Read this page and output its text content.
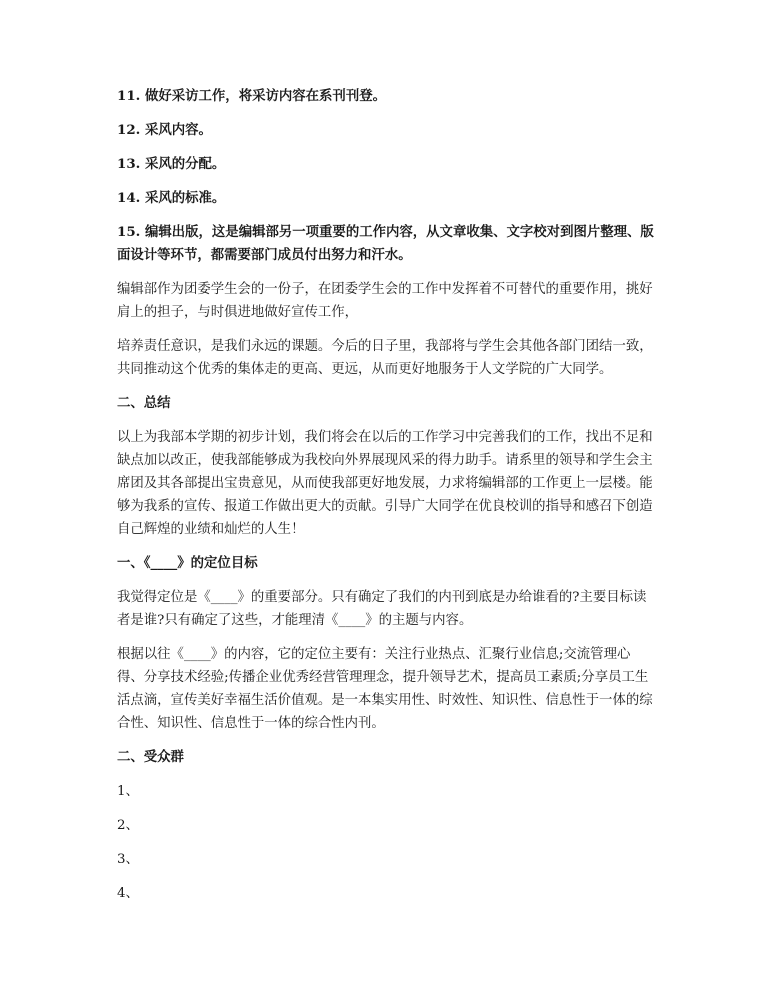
11. 做好采访工作，将采访内容在系刊刊登。

12. 采风内容。

13. 采风的分配。

14. 采风的标准。

15. 编辑出版，这是编辑部另一项重要的工作内容，从文章收集、文字校对到图片整理、版面设计等环节，都需要部门成员付出努力和汗水。

编辑部作为团委学生会的一份子，在团委学生会的工作中发挥着不可替代的重要作用，挑好肩上的担子，与时俱进地做好宣传工作，

培养责任意识，是我们永远的课题。今后的日子里，我部将与学生会其他各部门团结一致，共同推动这个优秀的集体走的更高、更远，从而更好地服务于人文学院的广大同学。

二、总结

以上为我部本学期的初步计划，我们将会在以后的工作学习中完善我们的工作，找出不足和缺点加以改正，使我部能够成为我校向外界展现风采的得力助手。请系里的领导和学生会主席团及其各部提出宝贵意见，从而使我部更好地发展，力求将编辑部的工作更上一层楼。能够为我系的宣传、报道工作做出更大的贡献。引导广大同学在优良校训的指导和感召下创造自己辉煌的业绩和灿烂的人生！

一、《____》的定位目标

我觉得定位是《____》的重要部分。只有确定了我们的内刊到底是办给谁看的?主要目标读者是谁?只有确定了这些，才能理清《____》的主题与内容。

根据以往《____》的内容，它的定位主要有：关注行业热点、汇聚行业信息;交流管理心得、分享技术经验;传播企业优秀经营管理理念，提升领导艺术，提高员工素质;分享员工生活点滴，宣传美好幸福生活价值观。是一本集实用性、时效性、知识性、信息性于一体的综合性、知识性、信息性于一体的综合性内刊。

二、受众群

1、

2、

3、

4、
